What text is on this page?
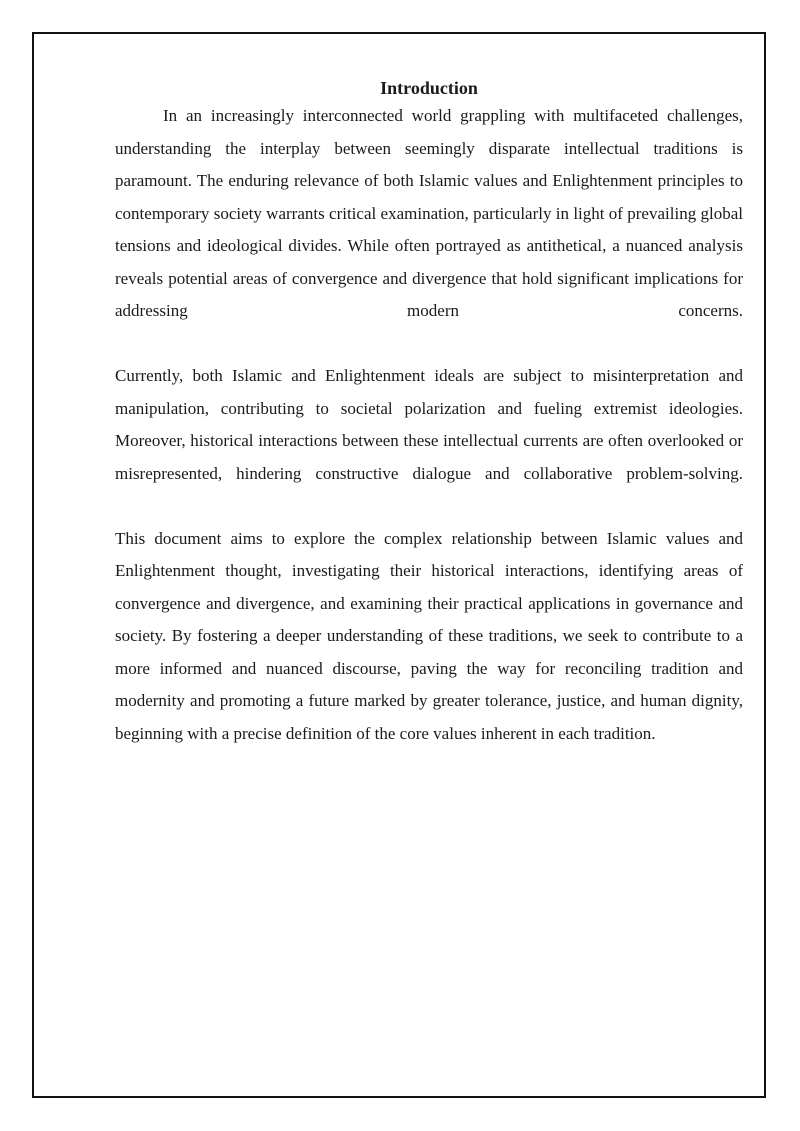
Introduction

In an increasingly interconnected world grappling with multifaceted challenges, understanding the interplay between seemingly disparate intellectual traditions is paramount. The enduring relevance of both Islamic values and Enlightenment principles to contemporary society warrants critical examination, particularly in light of prevailing global tensions and ideological divides. While often portrayed as antithetical, a nuanced analysis reveals potential areas of convergence and divergence that hold significant implications for addressing modern concerns.

Currently, both Islamic and Enlightenment ideals are subject to misinterpretation and manipulation, contributing to societal polarization and fueling extremist ideologies. Moreover, historical interactions between these intellectual currents are often overlooked or misrepresented, hindering constructive dialogue and collaborative problem-solving.

This document aims to explore the complex relationship between Islamic values and Enlightenment thought, investigating their historical interactions, identifying areas of convergence and divergence, and examining their practical applications in governance and society. By fostering a deeper understanding of these traditions, we seek to contribute to a more informed and nuanced discourse, paving the way for reconciling tradition and modernity and promoting a future marked by greater tolerance, justice, and human dignity, beginning with a precise definition of the core values inherent in each tradition.
